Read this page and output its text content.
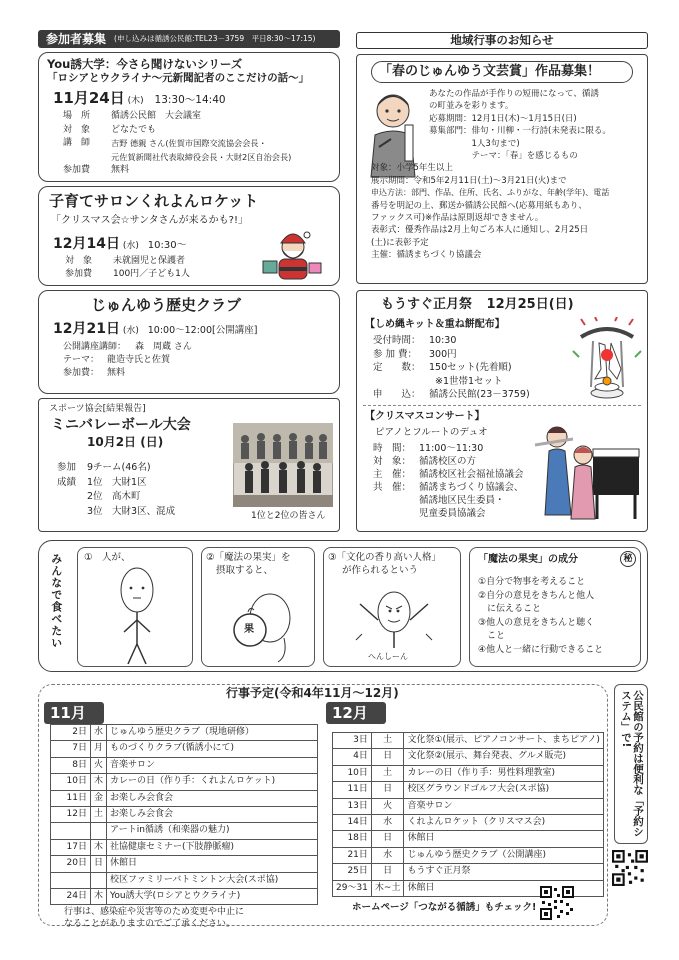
参加者募集 (申し込みは循誘公民館:TEL23－3759　平日8:30～17:15)
You誘大学：今さら聞けないシリーズ
「ロシアとウクライナ～元新聞記者のここだけの話～」
11月24日 (木) 13:30～14:40
場　所	循誘公民館　大会議室
対　象	どなたでも
講　師	吉野 德親 さん(佐賀市国際交流協会会長・
元佐賀新聞社代表取締役会長・大財2区自治会長)
参加費	無料
子育てサロンくれよんロケット
「クリスマス会☆サンタさんが来るかも?!」
12月14日 (水) 10:30～
対　象	未就園児と保護者
参加費	100円／子ども1人
じゅんゆう歴史クラブ
12月21日 (水) 10:00～12:00[公開講座]
公開講座講師： 森　周蔵 さん
テーマ： 龍造寺氏と佐賀
参加費： 無料
スポーツ協会[結果報告]
ミニバレーボール大会
10月2日 (日)
参加	9チーム(46名)
成績	1位　大財1区
2位　高木町
3位　大財3区、混成	1位と2位の皆さん
地域行事のお知らせ
「春のじゅんゆう文芸賞」作品募集！
あなたの作品が手作りの短冊になって、循誘
の町並みを彩ります。
応募期間：12月1日(木)～1月15日(日)
募集部門：俳句・川柳・一行詩(未発表に限る。
　　　　　1人3句まで)
　　　　　テーマ：「春」を感じるもの
対象：小学5年生以上
展示期間：令和5年2月11日(土)～3月21日(火)まで
申込方法：部門、作品、住所、氏名、ふりがな、年齢(学年)、電話
番号を明記の上、郵送か循誘公民館へ(応募用紙もあり、
ファックス可)※作品は原則返却できません。
表彰式：優秀作品は2月上旬ごろ本人に通知し、2月25日
(土)に表彰予定
主催：循誘まちづくり協議会
もうすぐ正月祭 12月25日(日)
【しめ縄キット＆重ね餅配布】
受付時間： 10:30
参 加 費：	300円
定　　数： 150セット(先着順)
※1世帯1セット
申　　込： 循誘公民館(23－3759)
【クリスマスコンサート】
ピアノとフルートのデュオ
時　間： 11:00～11:30
対　象： 循誘校区の方
主　催： 循誘校区社会福祉協議会
共　催： 循誘まちづくり協議会、
循誘地区民生委員・
児童委員協議会
みんなで食べたい ①　人が、	②「魔法の果実」を
摂取すると、
果
③「文化の香り高い人格」
が作られるという
へんしーん
「魔法の果実」の成分	秘
①自分で物事を考えること
②自分の意見をきちんと他人
　に伝えること
③他人の意見をきちんと聴く
　こと
④他人と一緒に行動できること
行事予定(令和4年11月～12月)
11月
2日	水	じゅんゆう歴史クラブ（現地研修）
7日	月	ものづくりクラブ(循誘小にて)
8日	火	音楽サロン
10日	木	カレーの日（作り手：くれよんロケット)
11日	金	お楽しみ会食会
12日	土	お楽しみ会食会
		アートin循誘（和楽器の魅力)
17日	木	社協健康セミナー(下肢静脈瘤)
20日	日	休館日
		校区ファミリーバトミントン大会(スポ協)
24日	木	You誘大学(ロシアとウクライナ)
行事は、感染症や災害等のため変更や中止に
なることがありますのでご了承ください。
12月
3日	土	文化祭①(展示、ピアノコンサート、まちピアノ)
4日	日	文化祭②(展示、舞台発表、グルメ販売)
10日	土	カレーの日（作り手：男性料理教室)
11日	日	校区グラウンドゴルフ大会(スポ協)
13日	火	音楽サロン
14日	水	くれよんロケット（クリスマス会)
18日	日	休館日
21日	水	じゅんゆう歴史クラブ（公開講座)
25日	日	もうすぐ正月祭
29～31	木~土	休館日
ホームページ「つながる循誘」もチェック!
公民館の予約は便利な「予約システム」で!
